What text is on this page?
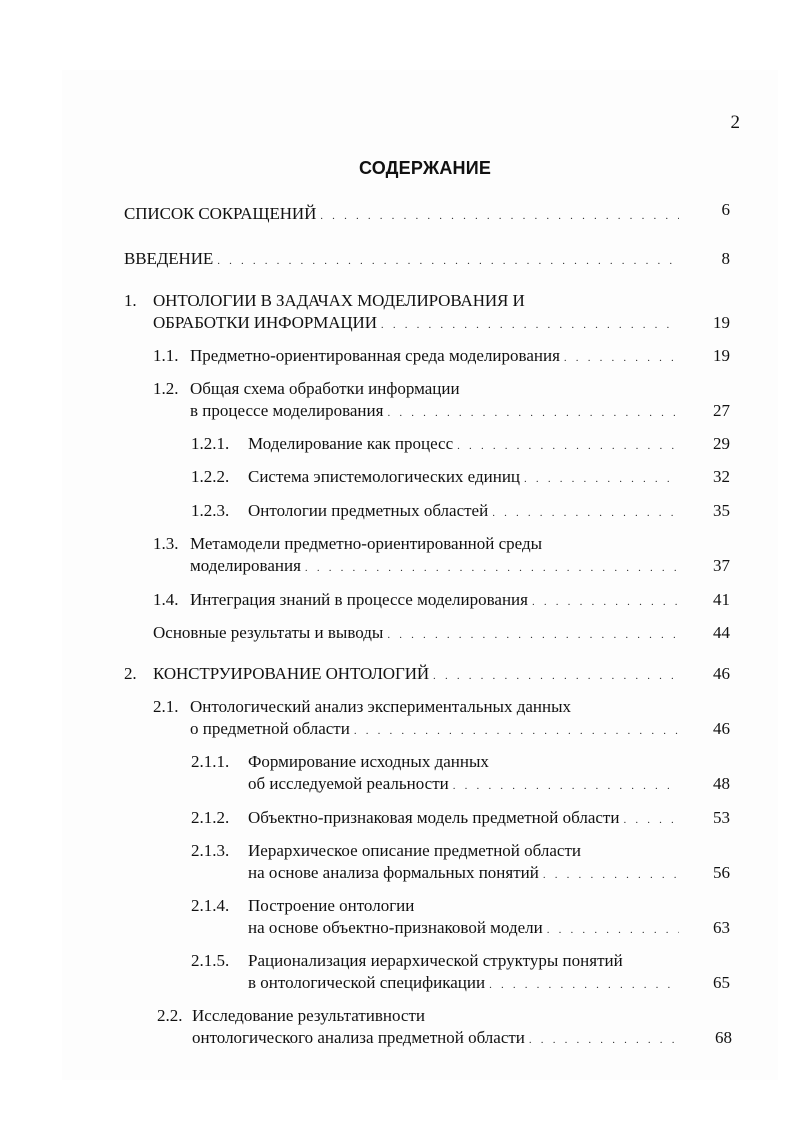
2
СОДЕРЖАНИЕ
СПИСОК СОКРАЩЕНИЙ . . .	6
ВВЕДЕНИЕ . . .	8
1. ОНТОЛОГИИ В ЗАДАЧАХ МОДЕЛИРОВАНИЯ И
ОБРАБОТКИ ИНФОРМАЦИИ . . .	19
1.1. Предметно-ориентированная среда моделирования . . .	19
1.2. Общая схема обработки информации
в процессе моделирования . . .	27
1.2.1.	Моделирование как процесс . . .	29
1.2.2.	Система эпистемологических единиц . . .	32
1.2.3.	Онтологии предметных областей . . .	35
1.3. Метамодели предметно-ориентированной среды
моделирования . . .	37
1.4. Интеграция знаний в процессе моделирования . . .	41
Основные результаты и выводы . . .	44
2. КОНСТРУИРОВАНИЕ ОНТОЛОГИЙ . . .	46
2.1. Онтологический анализ экспериментальных данных
о предметной области . . .	46
2.1.1. Формирование исходных данных
об исследуемой реальности . . .	48
2.1.2.	Объектно-признаковая модель предметной области . . .	53
2.1.3. Иерархическое описание предметной области
на основе анализа формальных понятий . . .	56
2.1.4. Построение онтологии
на основе объектно-признаковой модели . . .	63
2.1.5. Рационализация иерархической структуры понятий
в онтологической спецификации . . .	65
2.2. Исследование результативности
онтологического анализа предметной области . . .	68
